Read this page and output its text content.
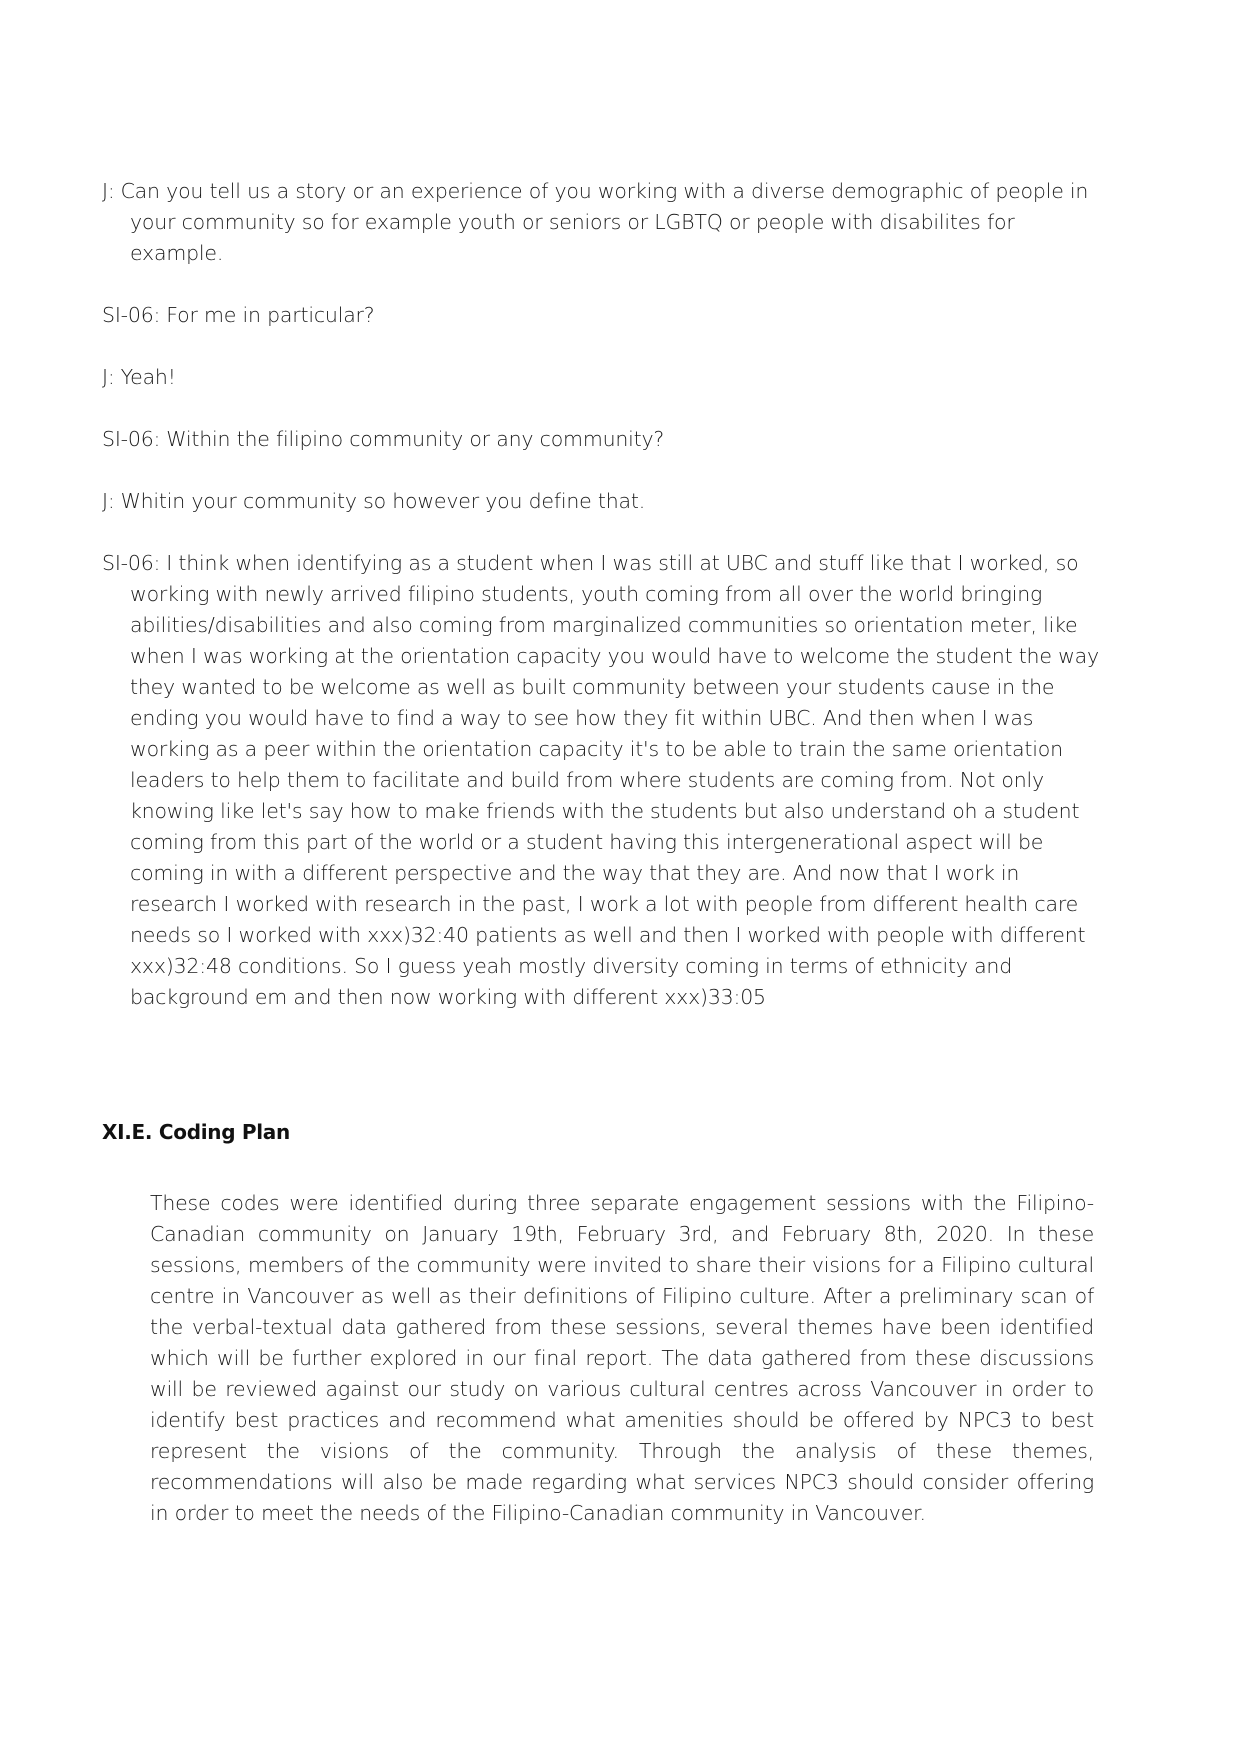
J: Can you tell us a story or an experience of you working with a diverse demographic of people in your community so for example youth or seniors or LGBTQ or people with disabilites for example.

SI-06: For me in particular?

J: Yeah!

SI-06: Within the filipino community or any community?

J: Whitin your community so however you define that.

SI-06: I think when identifying as a student when I was still at UBC and stuff like that I worked, so working with newly arrived filipino students, youth coming from all over the world bringing abilities/disabilities and also coming from marginalized communities so orientation meter, like when I was working at the orientation capacity you would have to welcome the student the way they wanted to be welcome as well as built community between your students cause in the ending you would have to find a way to see how they fit within UBC. And then when I was working as a peer within the orientation capacity it's to be able to train the same orientation leaders to help them to facilitate and build from where students are coming from. Not only knowing like let's say how to make friends with the students but also understand oh a student coming from this part of the world or a student having this intergenerational aspect will be coming in with a different perspective and the way that they are. And now that I work in research I worked with research in the past, I work a lot with people from different health care needs so I worked with xxx)32:40 patients as well and then I worked with people with different xxx)32:48 conditions. So I guess yeah mostly diversity coming in terms of ethnicity and background em and then now working with different xxx)33:05

XI.E. Coding Plan

These codes were identified during three separate engagement sessions with the Filipino-Canadian community on January 19th, February 3rd, and February 8th, 2020. In these sessions, members of the community were invited to share their visions for a Filipino cultural centre in Vancouver as well as their definitions of Filipino culture. After a preliminary scan of the verbal-textual data gathered from these sessions, several themes have been identified which will be further explored in our final report. The data gathered from these discussions will be reviewed against our study on various cultural centres across Vancouver in order to identify best practices and recommend what amenities should be offered by NPC3 to best represent the visions of the community. Through the analysis of these themes, recommendations will also be made regarding what services NPC3 should consider offering in order to meet the needs of the Filipino-Canadian community in Vancouver.
